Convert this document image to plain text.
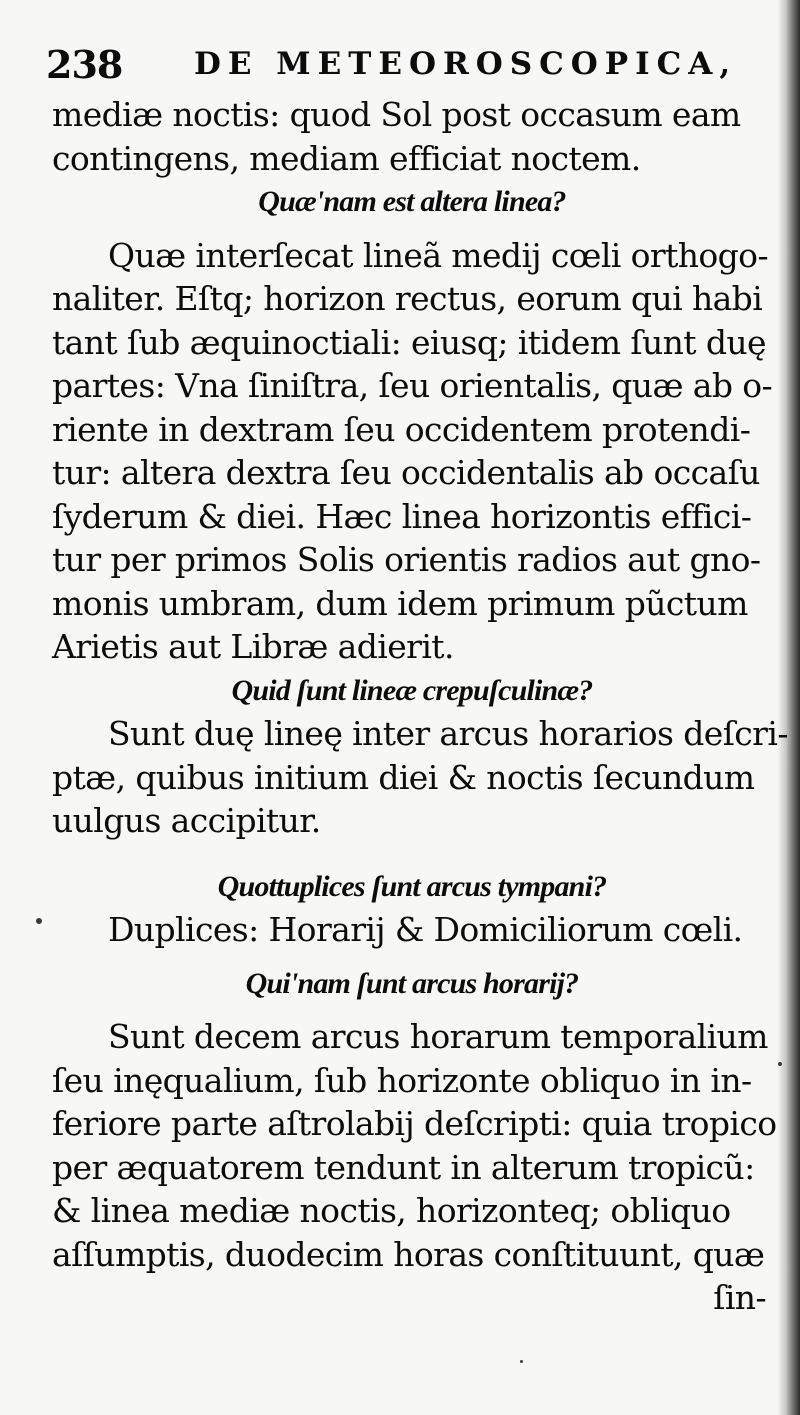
238 DE METEOROSCOPICA,
mediæ noctis: quod Sol post occasum eam
contingens, mediam efficiat noctem.
Quæ'nam est altera linea?
Quæ interſecat lineã medij cœli orthogo-
naliter. Eſtq; horizon rectus, eorum qui habi
tant ſub æquinoctiali: eiusq; itidem ſunt duę
partes: Vna ſiniſtra, ſeu orientalis, quæ ab o-
riente in dextram ſeu occidentem protendi-
tur: altera dextra ſeu occidentalis ab occaſu
ſyderum & diei. Hæc linea horizontis effici-
tur per primos Solis orientis radios aut gno-
monis umbram, dum idem primum pũctum
Arietis aut Libræ adierit.
Quid ſunt lineæ crepuſculinæ?
Sunt duę lineę inter arcus horarios deſcri-
ptæ, quibus initium diei & noctis ſecundum
uulgus accipitur.
Quottuplices ſunt arcus tympani?
Duplices: Horarij & Domiciliorum cœli.
Qui'nam ſunt arcus horarij?
Sunt decem arcus horarum temporalium
ſeu inęqualium, ſub horizonte obliquo in in-
feriore parte aſtrolabij deſcripti: quia tropico
per æquatorem tendunt in alterum tropicũ:
& linea mediæ noctis, horizonteq; obliquo
aſſumptis, duodecim horas conſtituunt, quæ
ſin-
